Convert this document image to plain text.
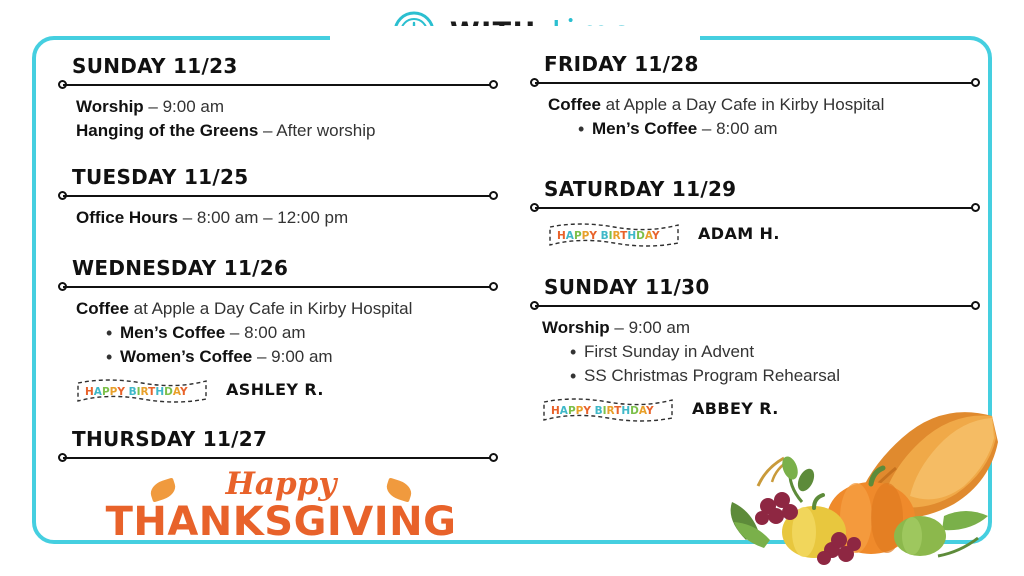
SUNDAY 11/23
Worship – 9:00 am
Hanging of the Greens – After worship
TUESDAY 11/25
Office Hours – 8:00 am – 12:00 pm
WEDNESDAY 11/26
Coffee at Apple a Day Cafe in Kirby Hospital
• Men’s Coffee – 8:00 am
• Women’s Coffee – 9:00 am
HAPPY BIRTHDAY ASHLEY R.
THURSDAY 11/27
Happy
THANKSGIVING
FRIDAY 11/28
Coffee at Apple a Day Cafe in Kirby Hospital
• Men’s Coffee – 8:00 am
SATURDAY 11/29
HAPPY BIRTHDAY ADAM H.
SUNDAY 11/30
Worship – 9:00 am
• First Sunday in Advent
• SS Christmas Program Rehearsal
HAPPY BIRTHDAY ABBEY R.
